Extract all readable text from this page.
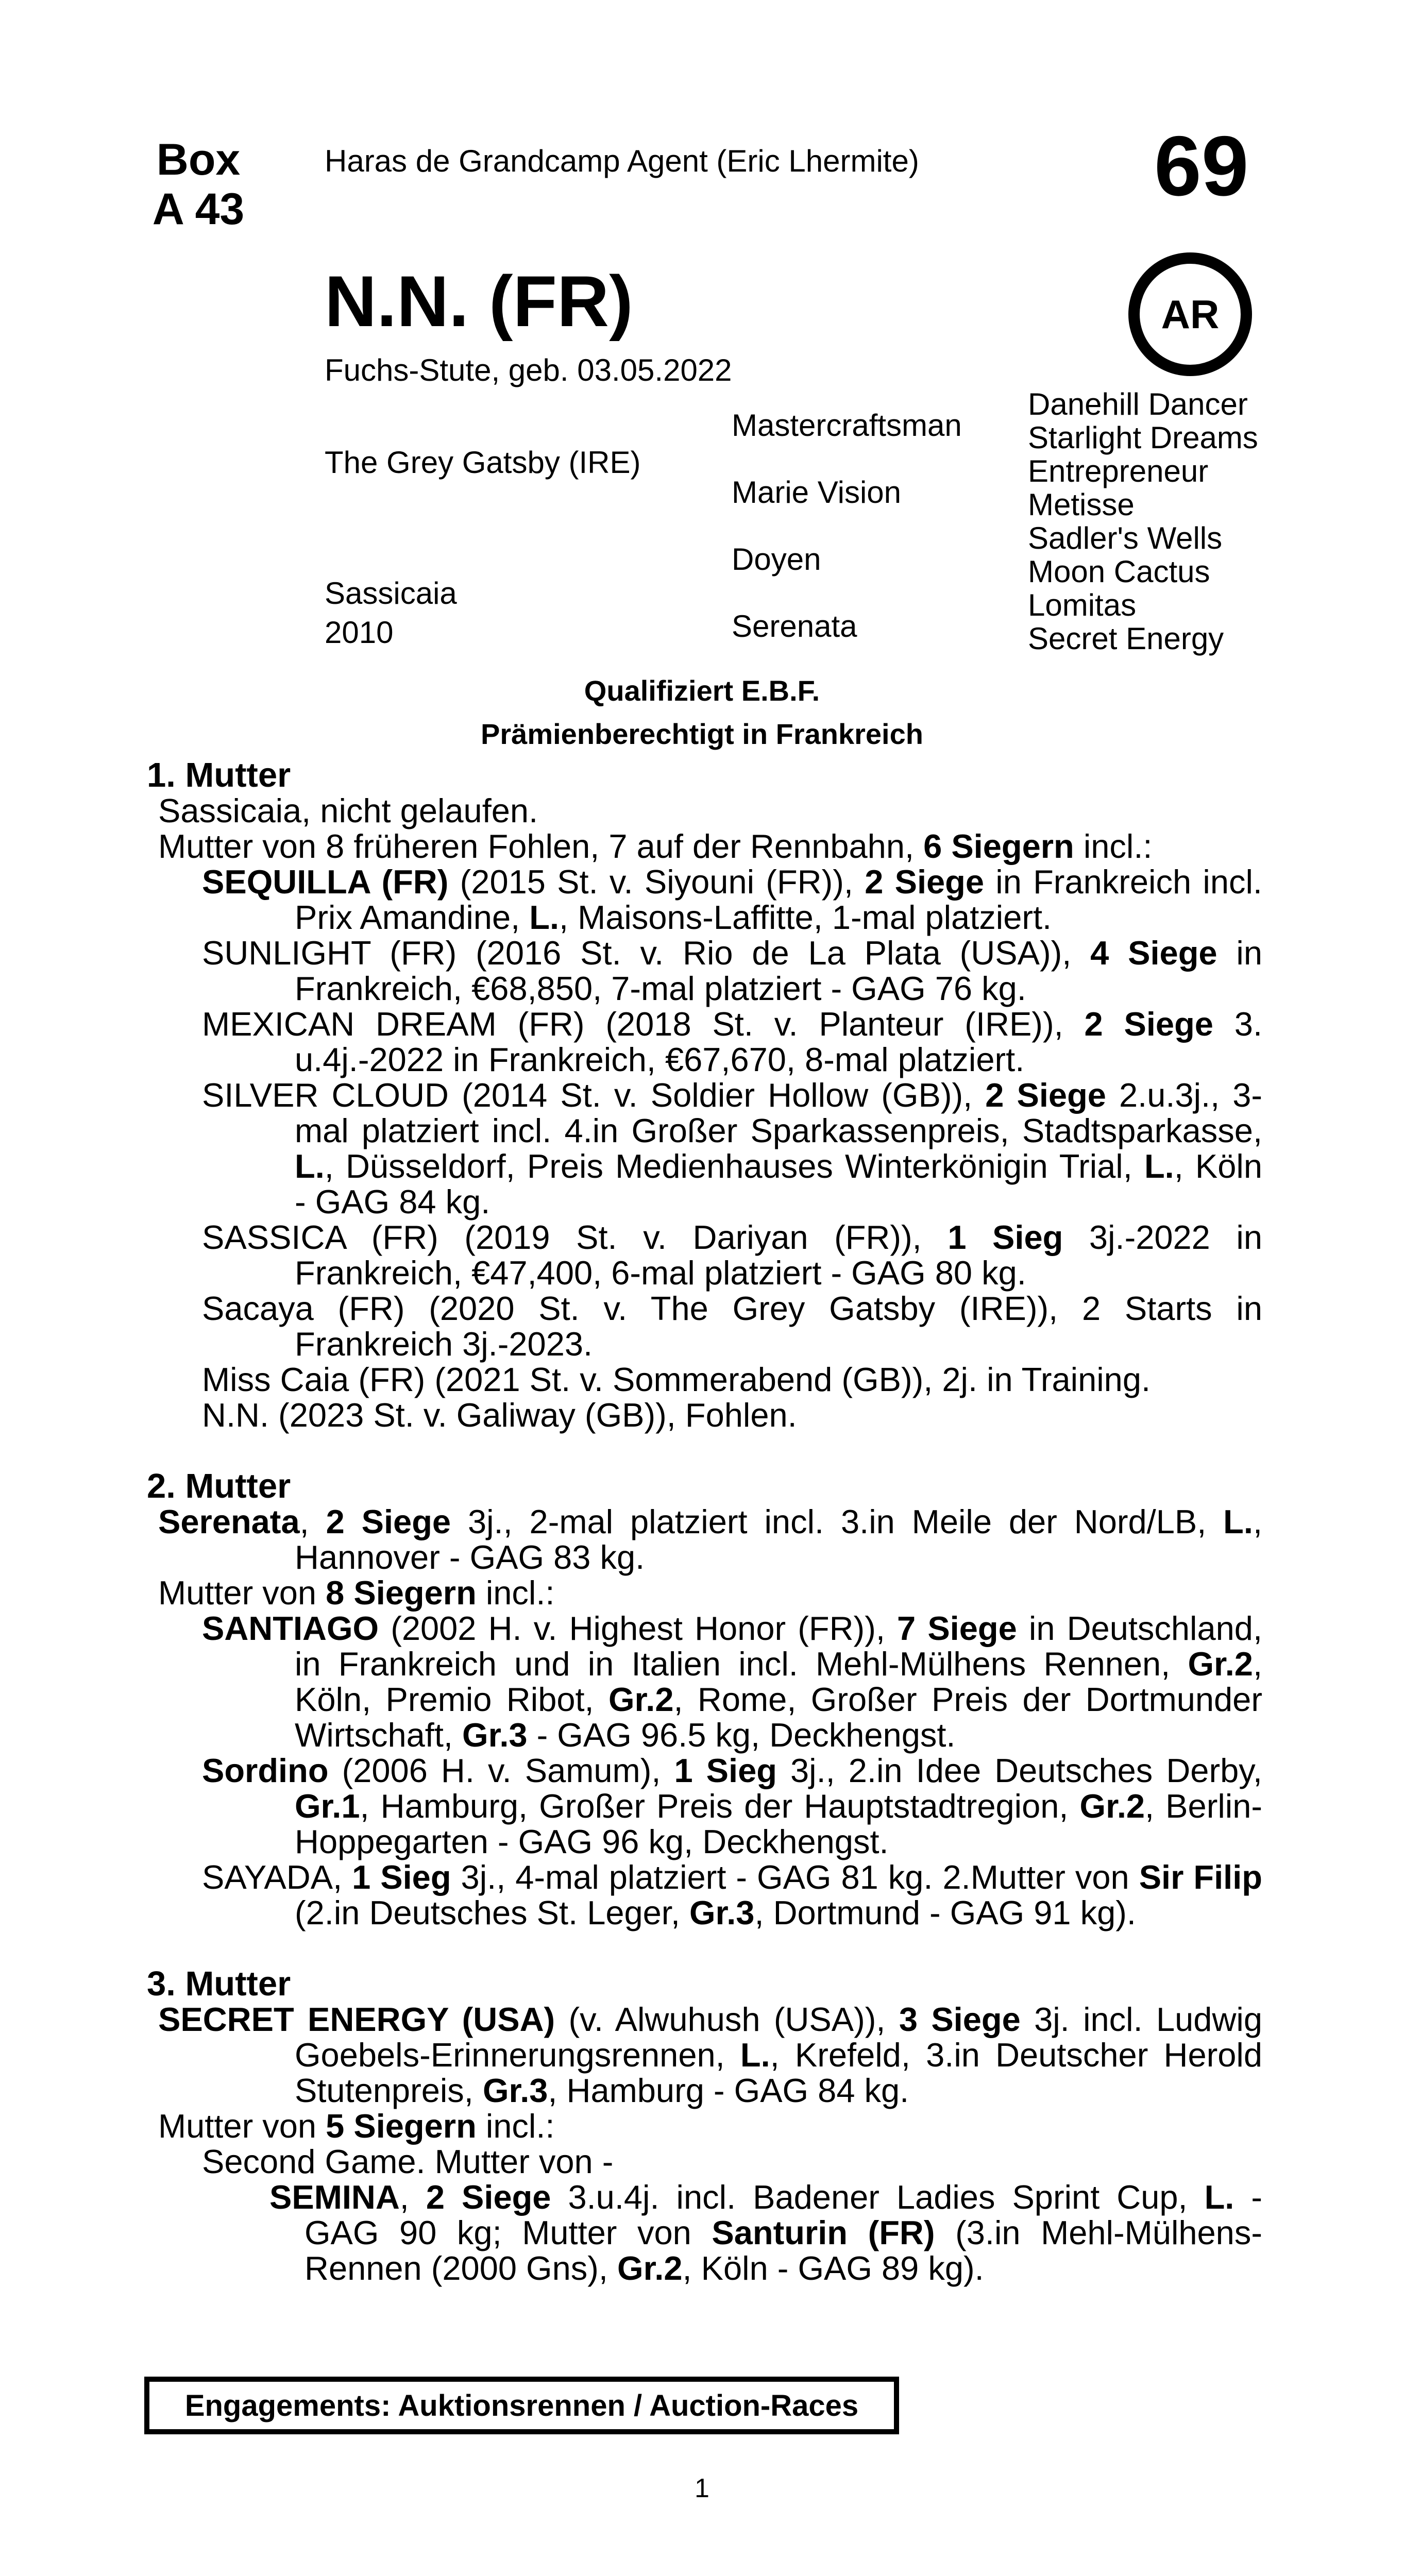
Box
A 43
Haras de Grandcamp Agent (Eric Lhermite)	69
AR
N.N. (FR)
Fuchs-Stute, geb. 03.05.2022
The Grey Gatsby (IRE)
Sassicaia
2010
Mastercraftsman
Marie Vision
Doyen
Serenata
Danehill Dancer
Starlight Dreams
Entrepreneur
Metisse
Sadler's Wells
Moon Cactus
Lomitas
Secret Energy
Qualifiziert E.B.F.
Prämienberechtigt in Frankreich
1. Mutter
Sassicaia, nicht gelaufen.
Mutter von 8 früheren Fohlen, 7 auf der Rennbahn, 6 Siegern incl.:
SEQUILLA (FR) (2015 St. v. Siyouni (FR)), 2 Siege in Frankreich incl. Prix Amandine, L., Maisons-Laffitte, 1-mal platziert.
SUNLIGHT (FR) (2016 St. v. Rio de La Plata (USA)), 4 Siege in Frankreich, €68,850, 7-mal platziert - GAG 76 kg.
MEXICAN DREAM (FR) (2018 St. v. Planteur (IRE)), 2 Siege 3. u.4j.-2022 in Frankreich, €67,670, 8-mal platziert.
SILVER CLOUD (2014 St. v. Soldier Hollow (GB)), 2 Siege 2.u.3j., 3-mal platziert incl. 4.in Großer Sparkassenpreis, Stadtsparkasse, L., Düsseldorf, Preis Medienhauses Winterkönigin Trial, L., Köln - GAG 84 kg.
SASSICA (FR) (2019 St. v. Dariyan (FR)), 1 Sieg 3j.-2022 in Frankreich, €47,400, 6-mal platziert - GAG 80 kg.
Sacaya (FR) (2020 St. v. The Grey Gatsby (IRE)), 2 Starts in Frankreich 3j.-2023.
Miss Caia (FR) (2021 St. v. Sommerabend (GB)), 2j. in Training.
N.N. (2023 St. v. Galiway (GB)), Fohlen.
2. Mutter
Serenata, 2 Siege 3j., 2-mal platziert incl. 3.in Meile der Nord/LB, L., Hannover - GAG 83 kg.
Mutter von 8 Siegern incl.:
SANTIAGO (2002 H. v. Highest Honor (FR)), 7 Siege in Deutschland, in Frankreich und in Italien incl. Mehl-Mülhens Rennen, Gr.2, Köln, Premio Ribot, Gr.2, Rome, Großer Preis der Dortmunder Wirtschaft, Gr.3 - GAG 96.5 kg, Deckhengst.
Sordino (2006 H. v. Samum), 1 Sieg 3j., 2.in Idee Deutsches Derby, Gr.1, Hamburg, Großer Preis der Hauptstadtregion, Gr.2, Berlin-Hoppegarten - GAG 96 kg, Deckhengst.
SAYADA, 1 Sieg 3j., 4-mal platziert - GAG 81 kg. 2.Mutter von Sir Filip (2.in Deutsches St. Leger, Gr.3, Dortmund - GAG 91 kg).
3. Mutter
SECRET ENERGY (USA) (v. Alwuhush (USA)), 3 Siege 3j. incl. Ludwig Goebels-Erinnerungsrennen, L., Krefeld, 3.in Deutscher Herold Stutenpreis, Gr.3, Hamburg - GAG 84 kg.
Mutter von 5 Siegern incl.:
Second Game. Mutter von -
SEMINA, 2 Siege 3.u.4j. incl. Badener Ladies Sprint Cup, L. - GAG 90 kg; Mutter von Santurin (FR) (3.in Mehl-Mülhens-Rennen (2000 Gns), Gr.2, Köln - GAG 89 kg).
Engagements: Auktionsrennen / Auction-Races
1
